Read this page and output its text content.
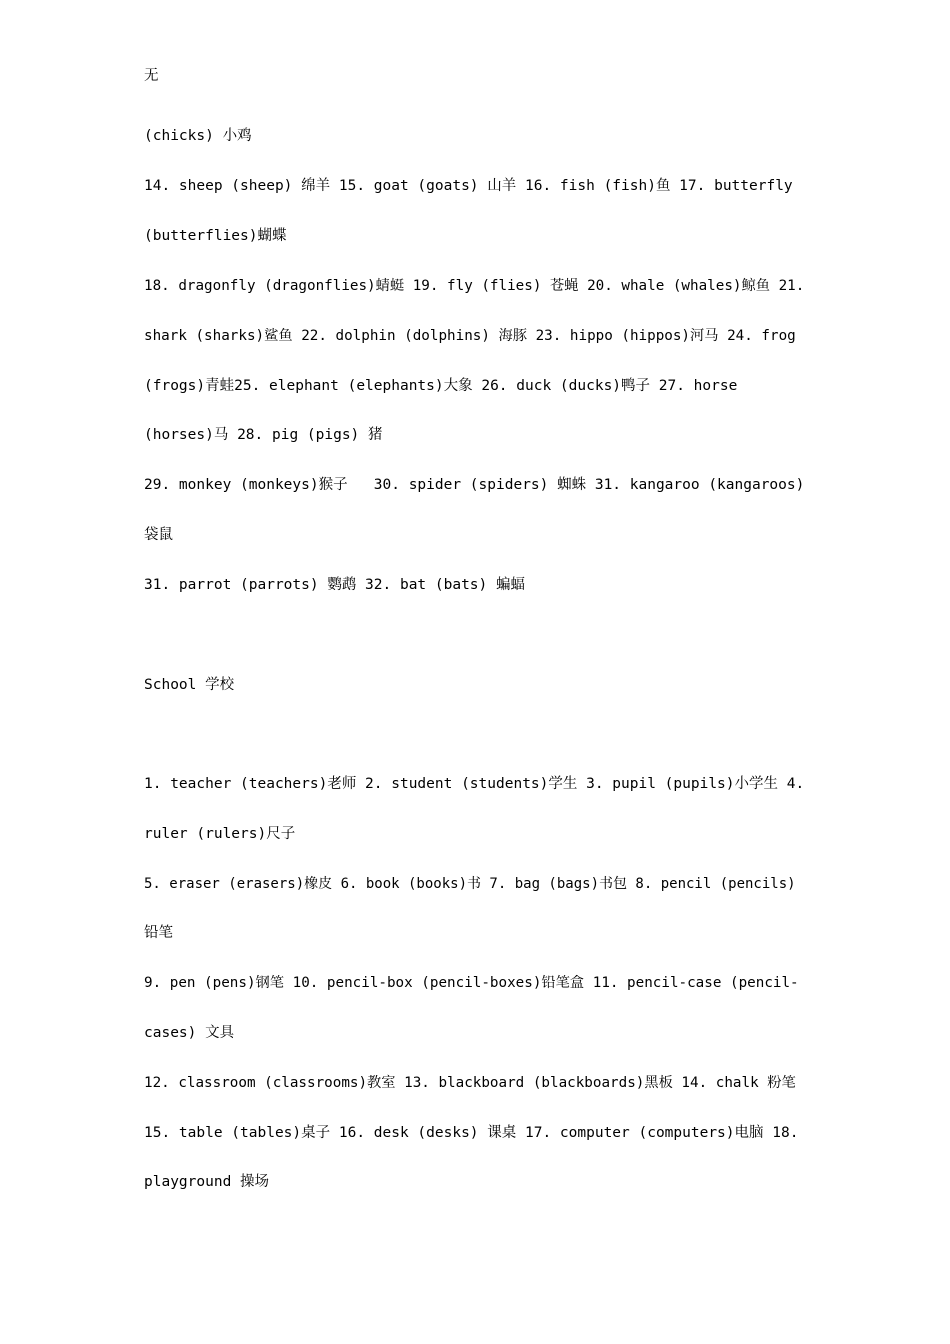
无
(chicks) 小鸡
14. sheep (sheep) 绵羊 15. goat (goats) 山羊 16. fish (fish)鱼 17. butterfly
(butterflies)蝴蝶
18. dragonfly (dragonflies)蜻蜓 19. fly (flies) 苍蝇 20. whale (whales)鲸鱼 21.
shark (sharks)鲨鱼 22. dolphin (dolphins) 海豚 23. hippo (hippos)河马 24. frog
(frogs)青蛙25. elephant (elephants)大象 26. duck (ducks)鸭子 27. horse
(horses)马 28. pig (pigs) 猪
29. monkey (monkeys)猴子   30. spider (spiders) 蜘蛛 31. kangaroo (kangaroos)
袋鼠
31. parrot (parrots) 鹦鹉 32. bat (bats) 蝙蝠
School 学校
1. teacher (teachers)老师 2. student (students)学生 3. pupil (pupils)小学生 4.
ruler (rulers)尺子
5. eraser (erasers)橡皮 6. book (books)书 7. bag (bags)书包 8. pencil (pencils)
铅笔
9. pen (pens)钢笔 10. pencil-box (pencil-boxes)铅笔盒 11. pencil-case (pencil-
cases) 文具
12. classroom (classrooms)教室 13. blackboard (blackboards)黑板 14. chalk 粉笔
15. table (tables)桌子 16. desk (desks) 课桌 17. computer (computers)电脑 18.
playground 操场
